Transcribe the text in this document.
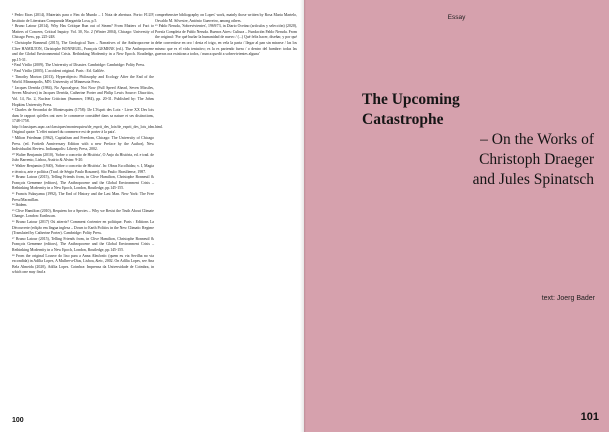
¹ Pedro Eiras (2014), Materiais para o Fim do Mundo – 1 Nota de abertura. Porto: FLUP, Instituto de Literatura Comparada Margarida Losa, p.5.

² Bruno Latour (2014), Why Has Critique Run out of Steam? From Matters of Fact to Matters of Concern, Critical Inquiry. Vol. 30, No. 2 (Winter 2004), Chicago: University of Chicago Press, pp. 225-248.

³ Christophe Bonneuil (2015), The Geological Turn – Narratives of the Anthropocene in Clive HAMILTON, Christophe BONNEUIL, François GEMENE (ed.). The Anthropocene and the Global Environmental Crisis. Rethinking Modernity in a New Epoch. Routledge, pp.15-31.

⁴ Paul Virilio (2009), The University of Disaster. Cambridge: Cambridge: Polity Press.

⁵ Paul Virilio (2005), L'accident original. Paris : Ed. Galilée.

⁶ Timothy Morton (2013), Hyperobjects: Philosophy and Ecology After the End of the World. Minneapolis, MN: University of Minnesota Press.

⁷ Jacques Derrida (1984), No Apocalypse, Not Now (Full Speed Ahead, Seven Missiles, Seven Missives) in Jacques Derrida, Catherine Porter and Philip Lewis Source: Diacritics, Vol. 14, No. 2, Nuclear Criticism (Summer, 1984), pp. 20-31. Published by: The Johns Hopkins University Press.

⁸ Charles de Secondat de Montesquieu (1758): De L'Esprit des Loix - Livre XX Des lois dans le rapport qu'elles ont avec le commerce considéré dans sa nature et ses distinctions, 1748-1758. http://classiques.uqac.ca/classiques/montesquieu/de_esprit_des_lois/de_esprit_des_lois_tdm.html. Original quote: 'L'effet naturel du commerce est de porter à la paix'.

⁹ Milton Friedman (1962), Capitalism and Freedom, Chicago: The University of Chicago Press. (ed. Fortieth Anniversary Edition with a new Preface by the Author), New Individualist Review. Indianapolis: Liberty Press, 2002.

¹⁰ Walter Benjamin (2010), 'Sobre o conceito de História', O Anjo da História, ed. e trad. de João Barrento, Lisboa, Assírio & Alvim: 9-20.

¹¹ Walter Benjamin (1940), 'Sobre o conceito de História'. In: Obras Escolhidas; v. I, Magia e técnica, arte e política (Trad. de Sérgio Paulo Rouanet). São Paulo: Brasiliense, 1987.

¹² Bruno Latour (2015), Telling Friends from, in Clive Hamilton, Christophe Bonneuil & François Gemenne (editors), The Anthropocene and the Global Environment Crisis – Rethinking Modernity in a New Epoch, London, Routledge, pp.145-155.

¹³ Francis Fukuyama (1992), The End of History and the Last Man. New York: The Free Press/Macmillan.

¹⁴ Ibidem.

¹⁵ Clive Hamilton (2010), Requiem for a Species – Why we Resist the Truth About Climate Change. London: Earthscan.

¹⁶ Bruno Latour (2017) Où atterrir? Comment s'orienter en politique. Paris : Editions La Découverte (edição em língua inglesa – Down to Earth Politics in the New Climatic Regime (Translated by Catherine Porter). Cambridge: Polity Press.

¹⁷ Bruno Latour (2015), Telling Friends from, in Clive Hamilton, Christophe Bonneuil & François Gemenne (editors), The Anthropocene and the Global Environment Crisis – Rethinking Modernity in a New Epoch, London, Routledge, pp.145-155.

¹⁸ From the original Louvor do lixo para a Anna Almfortic (quem eu via Sevilha no via escondida) in Adília Lopes, A Mulher-a-Dias, Lisboa, &etc, 2002. On Adília Lopes, see Ana Bela Almeida (2020), Adília Lopes. Coimbra: Imprensa da Universidade de Coimbra, in which one may find a

comprehensive bibliography on Lopes' work, mainly those written by Rosa Maria Martelo, Osvaldo M. Silvestre, António Guerreiro, among others.

¹⁹ Pablo Neruda, 'Sobrevivientes', 1969/73, in Diario Oceáno (artículos y selección) (2020), Poesía Completa de Pablo Neruda. Buenos Aires: Cultura – Fundación Pablo Neruda. From the original: 'Por qué hurlar la humanidad de nuevo / (...) Qué feliz hacer, diseñar, y por qué debe convertirse en oro / desta el trigo, en vela la paria / llegar al pan sin mirarse / las los mismo que es el vida tentativo; es la es pariendo fuera / o dentro del hombre: todas las guerras ora existiran a todos, / nunca quedó a sobrevivientes alguna'

100
Essay
The Upcoming Catastrophe
– On the Works of
Christoph Draeger
and Jules Spinatsch
text: Joerg Bader
101
